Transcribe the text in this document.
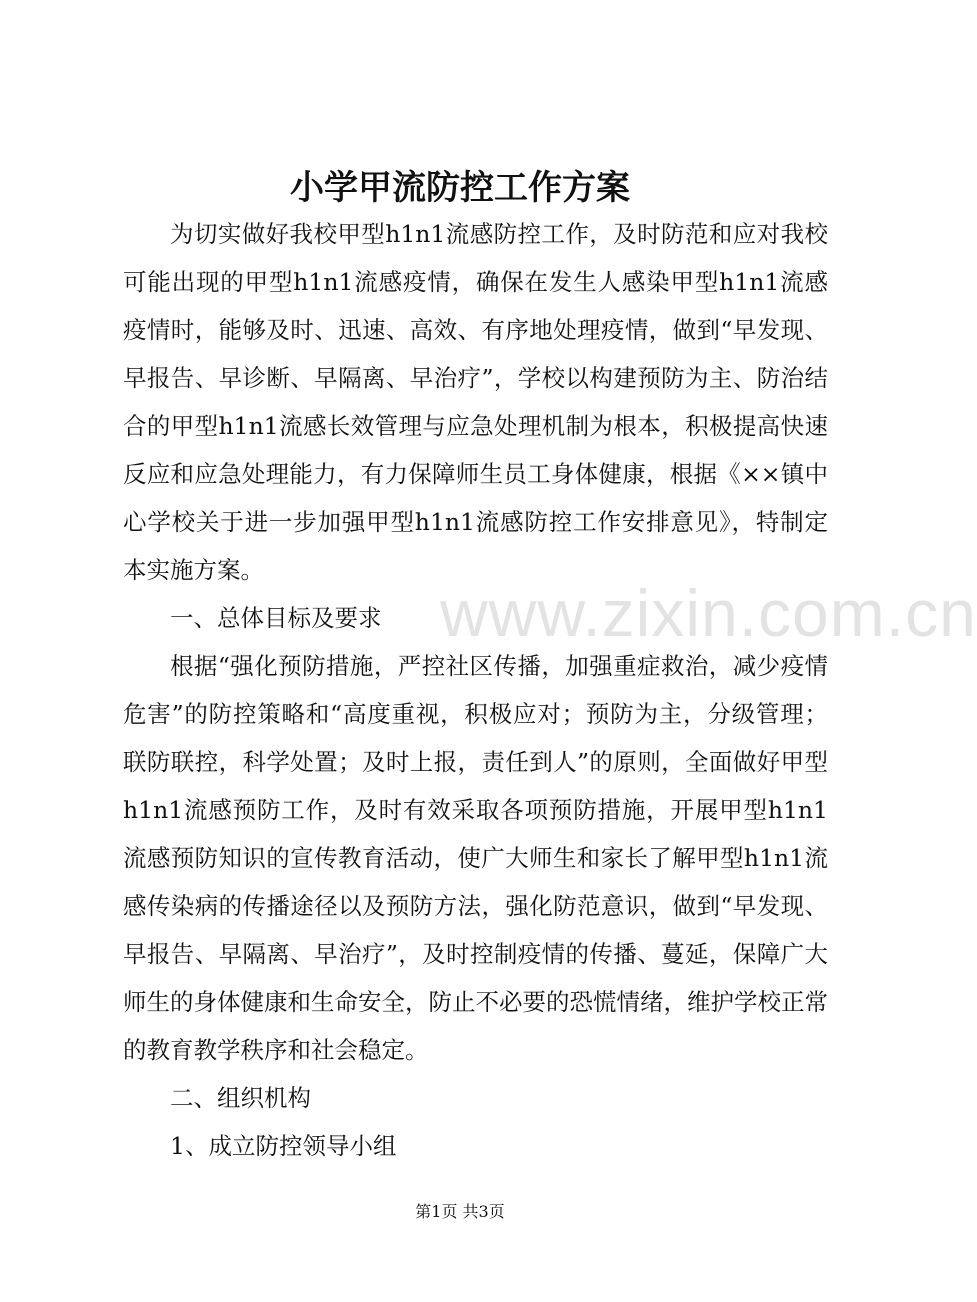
www.zixin.com.cn
小学甲流防控工作方案

为切实做好我校甲型h1n1流感防控工作，及时防范和应对我校可能出现的甲型h1n1流感疫情，确保在发生人感染甲型h1n1流感疫情时，能够及时、迅速、高效、有序地处理疫情，做到“早发现、早报告、早诊断、早隔离、早治疗”，学校以构建预防为主、防治结合的甲型h1n1流感长效管理与应急处理机制为根本，积极提高快速反应和应急处理能力，有力保障师生员工身体健康，根据《××镇中心学校关于进一步加强甲型h1n1流感防控工作安排意见》，特制定本实施方案。

一、总体目标及要求

根据“强化预防措施，严控社区传播，加强重症救治，减少疫情危害”的防控策略和“高度重视，积极应对；预防为主，分级管理；联防联控，科学处置；及时上报，责任到人”的原则，全面做好甲型h1n1流感预防工作，及时有效采取各项预防措施，开展甲型h1n1流感预防知识的宣传教育活动，使广大师生和家长了解甲型h1n1流感传染病的传播途径以及预防方法，强化防范意识，做到“早发现、早报告、早隔离、早治疗”，及时控制疫情的传播、蔓延，保障广大师生的身体健康和生命安全，防止不必要的恐慌情绪，维护学校正常的教育教学秩序和社会稳定。

二、组织机构

1、成立防控领导小组

第1页 共3页
